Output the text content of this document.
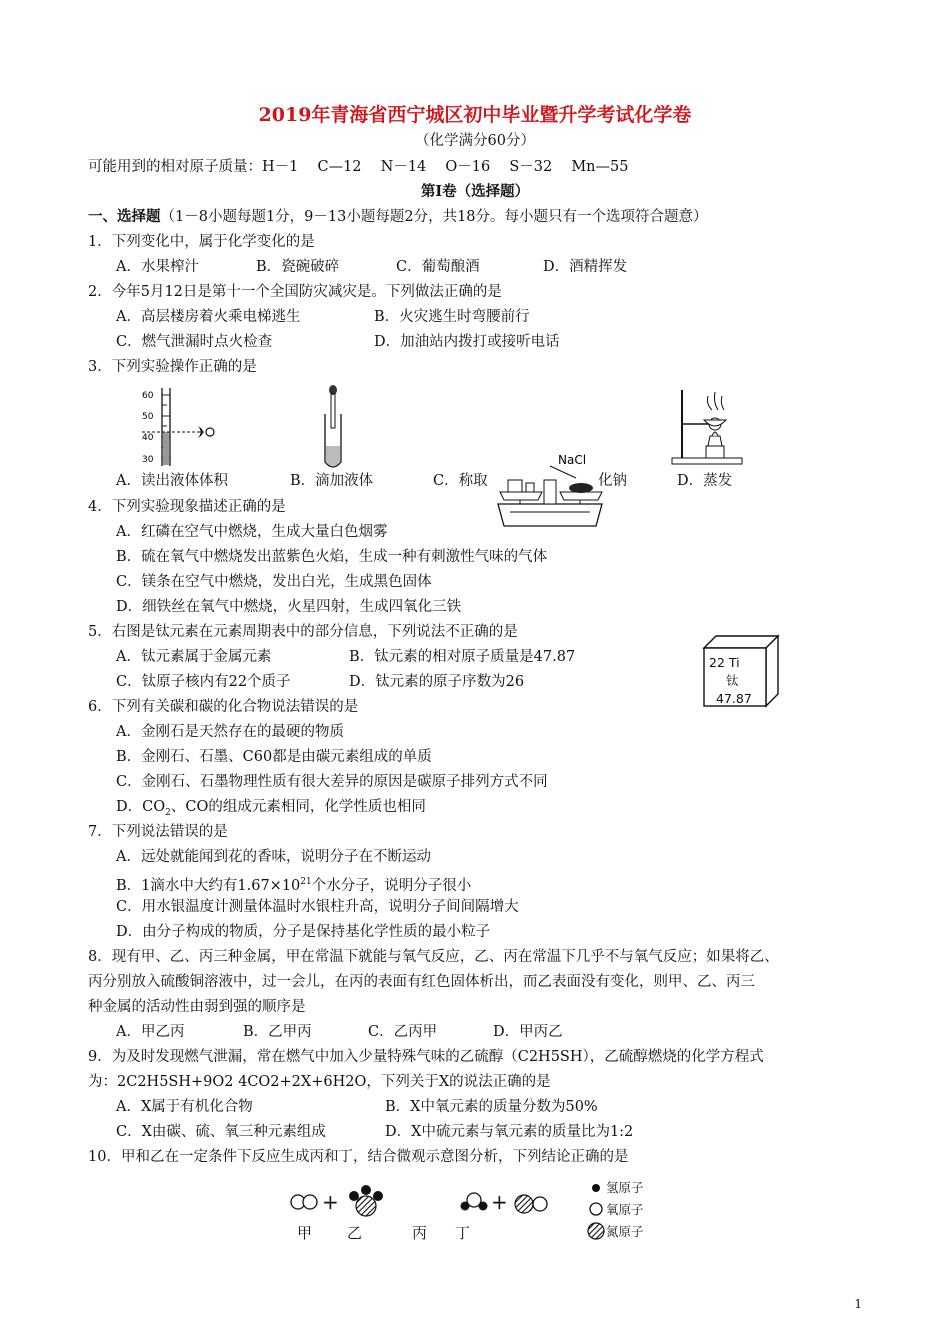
2019年青海省西宁城区初中毕业暨升学考试化学卷
（化学满分60分）
可能用到的相对原子质量：H－1　 C—12　 N－14　 O－16　 S－32　 Mn—55
第Ⅰ卷（选择题）
一、选择题（1－8小题每题1分，9－13小题每题2分，共18分。每小题只有一个选项符合题意）
1．下列变化中，属于化学变化的是
A．水果榨汁	B．瓷碗破碎	C．葡萄酿酒	D．酒精挥发
2．今年5月12日是第十一个全国防灾减灾是。下列做法正确的是
A．高层楼房着火乘电梯逃生	B．火灾逃生时弯腰前行
C．燃气泄漏时点火检查	D．加油站内拨打或接听电话
3．下列实验操作正确的是
60
50
40
30	NaCl
A．读出液体体积	B．滴加液体	C．称取	化钠	D．蒸发
4．下列实验现象描述正确的是
A．红磷在空气中燃烧，生成大量白色烟雾
B．硫在氧气中燃烧发出蓝紫色火焰，生成一种有刺激性气味的气体
C．镁条在空气中燃烧，发出白光，生成黑色固体
D．细铁丝在氧气中燃烧，火星四射，生成四氧化三铁
5．右图是钛元素在元素周期表中的部分信息，下列说法不正确的是
A．钛元素属于金属元素	B．钛元素的相对原子质量是47.87
C．钛原子核内有22个质子	D．钛元素的原子序数为26
22 Ti
钛
47.87
6．下列有关碳和碳的化合物说法错误的是
A．金刚石是天然存在的最硬的物质
B．金刚石、石墨、C60都是由碳元素组成的单质
C．金刚石、石墨物理性质有很大差异的原因是碳原子排列方式不同
D．$CO_2$、CO的组成元素相同，化学性质也相同
7．下列说法错误的是
A．远处就能闻到花的香味，说明分子在不断运动
B．1滴水中大约有$1.67\times 10^{21}$个水分子，说明分子很小
C．用水银温度计测量体温时水银柱升高，说明分子间间隔增大
D．由分子构成的物质，分子是保持基化学性质的最小粒子
8．现有甲、乙、丙三种金属，甲在常温下就能与氧气反应，乙、丙在常温下几乎不与氧气反应；如果将乙、
丙分别放入硫酸铜溶液中，过一会儿，在丙的表面有红色固体析出，而乙表面没有变化，则甲、乙、丙三
种金属的活动性由弱到强的顺序是
A．甲乙丙	B．乙甲丙	C．乙丙甲	D．甲丙乙
9．为及时发现燃气泄漏，常在燃气中加入少量特殊气味的乙硫醇（C2H5SH），乙硫醇燃烧的化学方程式
为：2C2H5SH+9O2 4CO2+2X+6H2O，下列关于X的说法正确的是
A．X属于有机化合物	B．X中氧元素的质量分数为50%
C．X由碳、硫、氧三种元素组成	D．X中硫元素与氧元素的质量比为1:2
10．甲和乙在一定条件下反应生成丙和丁，结合微观示意图分析，下列结论正确的是
+	+
甲 乙	丙 丁
氢原子
氧原子
氮原子
1
